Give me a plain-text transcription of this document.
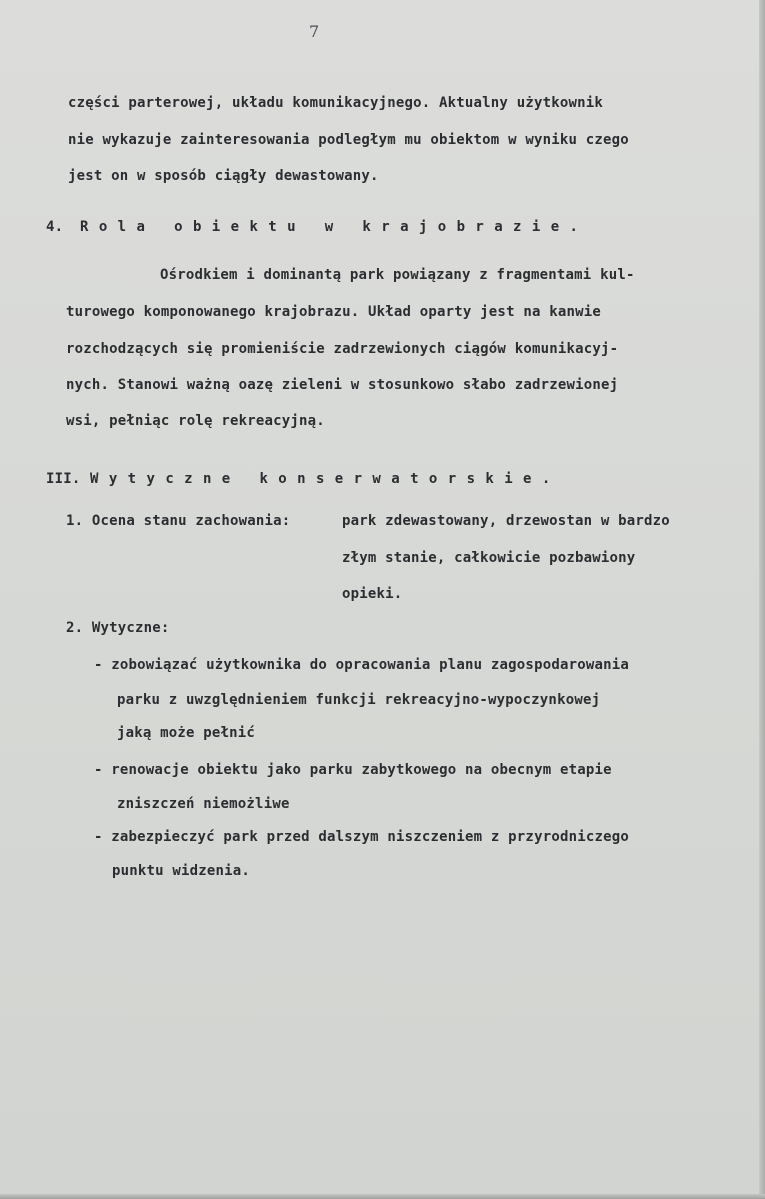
7
części parterowej, układu komunikacyjnego. Aktualny użytkownik
nie wykazuje zainteresowania podległym mu obiektom w wyniku czego
jest on w sposób ciągły dewastowany.
4. Rola obiektu w krajobrazie.
Ośrodkiem i dominantą park powiązany z fragmentami kul-
turowego komponowanego krajobrazu. Układ oparty jest na kanwie
rozchodzących się promieniście zadrzewionych ciągów komunikacyj-
nych. Stanowi ważną oazę zieleni w stosunkowo słabo zadrzewionej
wsi, pełniąc rolę rekreacyjną.
III. Wytyczne konserwatorskie.
1. Ocena stanu zachowania:	park zdewastowany, drzewostan w bardzo
złym stanie, całkowicie pozbawiony
opieki.
2. Wytyczne:
- zobowiązać użytkownika do opracowania planu zagospodarowania
parku z uwzględnieniem funkcji rekreacyjno-wypoczynkowej
jaką może pełnić
- renowacje obiektu jako parku zabytkowego na obecnym etapie
zniszczeń niemożliwe
- zabezpieczyć park przed dalszym niszczeniem z przyrodniczego
punktu widzenia.
